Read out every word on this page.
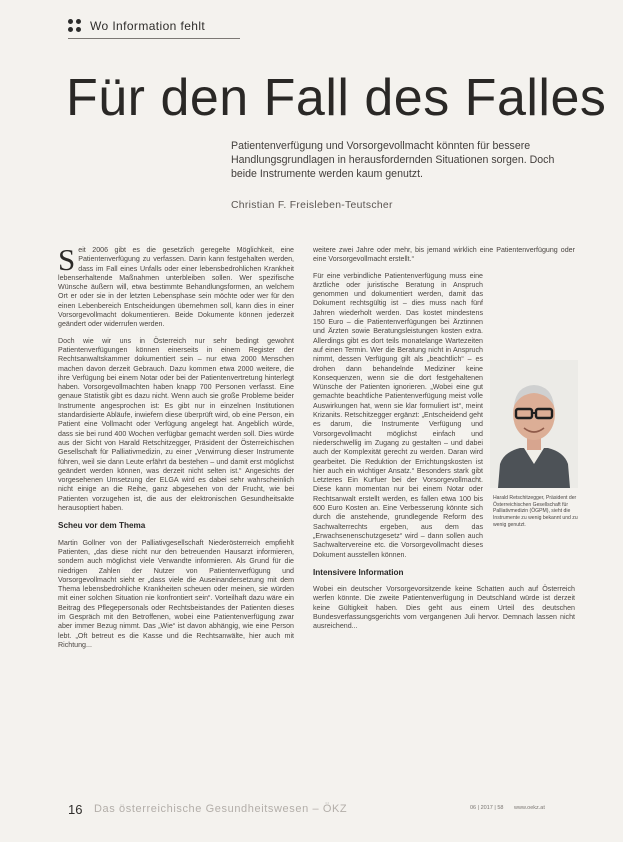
Wo Information fehlt
Für den Fall des Falles
Patientenverfügung und Vorsorgevollmacht könnten für bessere Handlungsgrundlagen in herausfordernden Situationen sorgen. Doch beide Instrumente werden kaum genutzt.
Christian F. Freisleben-Teutscher

Seit 2006 gibt es die gesetzlich geregelte Möglichkeit, eine Patientenverfügung zu verfassen. Darin kann festgehalten werden, dass im Fall eines Unfalls oder einer lebensbedrohlichen Krankheit lebenserhaltende Maßnahmen unterbleiben sollen. Wer spezifische Wünsche äußern will, etwa bestimmte Behandlungsformen, an welchem Ort er oder sie in der letzten Lebensphase sein möchte oder wer für den einen Lebenbereich Entscheidungen übernehmen soll, kann dies in einer Vorsorgevollmacht dokumentieren. Beide Dokumente können jederzeit geändert oder widerrufen werden.

Doch wie wir uns in Österreich nur sehr bedingt gewohnt Patientenverfügungen können einerseits in einem Register der Rechtsanwaltskammer dokumentiert sein – nur etwa 2000 Menschen machen davon derzeit Gebrauch. Dazu kommen etwa 2000 weitere, die ihre Verfügung bei einem Notar oder bei der Patientenvertretung hinterlegt haben. Vorsorgevollmachten haben knapp 700 Personen verfasst. Eine genaue Statistik gibt es dazu nicht. Wenn auch sie große Probleme beider Instrumente angesprochen ist: Es gibt nur in einzelnen Institutionen standardisierte Abläufe, inwiefern diese überprüft wird, ob eine Person, ein Patient eine Vollmacht oder Verfügung angelegt hat. Angeblich würde, dass sie bei rund 400 Wochen verfügbar gemacht werden soll. Dies würde aus der Sicht von Harald Retschitzegger, Präsident der Österreichischen Gesellschaft für Palliativmedizin, zu einer „Verwirrung dieser Instrumente führen, weil sie dann Leute erfährt da bestehen – und damit erst möglichst geändert werden können, was derzeit nicht selten ist.“ Angesichts der vorgesehenen Umsetzung der ELGA wird es dabei sehr wahrscheinlich nicht einige an die Reihe, ganz abgesehen von der Frucht, wie bei Patienten vorzugehen ist, die aus der elektronischen Gesundheitsakte herausoptiert haben.

Scheu vor dem Thema

Martin Gollner von der Palliativgesellschaft Niederösterreich empfiehlt Patienten, „das diese nicht nur den betreuenden Hausarzt informieren, sondern auch möglichst viele Verwandte informieren. Als Grund für die niedrigen Zahlen der Nutzer von Patientenverfügung und Vorsorgevollmacht sieht er „dass viele die Auseinandersetzung mit dem Thema lebensbedrohliche Krankheiten scheuen oder meinen, sie würden mit einer solchen Situation nie konfrontiert sein“. Vorteilhaft dazu wäre ein Beitrag des Pflegepersonals oder Rechtsbeistandes der Patienten dieses im Gespräch mit den Betroffenen, wobei eine Patientenverfügung zwar aber immer Bezug nimmt. Das „Wie“ ist davon abhängig, wie eine Person lebt. „Oft betreut es die Kasse und die Rechtsanwälte, hier auch mit Richtung...

weitere zwei Jahre oder mehr, bis jemand wirklich eine Patientenverfügung oder eine Vorsorgevollmacht erstellt.“

Für eine verbindliche Patientenverfügung muss eine ärztliche oder juristische Beratung in Anspruch genommen und dokumentiert werden, damit das Dokument rechtsgültig ist – dies muss nach fünf Jahren wiederholt werden. Das kostet mindestens 150 Euro – die Patientenverfügungen bei Ärztinnen und Ärzten sowie Beratungsleistungen kosten extra. Allerdings gibt es dort teils monatelange Wartezeiten auf einen Termin. Wer die Beratung nicht in Anspruch nimmt, dessen Verfügung gilt als „beachtlich“ – es drohen dann behandelnde Mediziner keine Konsequenzen, wenn sie die dort festgehaltenen Wünsche der Patienten ignorieren. „Wobei eine gut gemachte beachtliche Patientenverfügung meist volle Auswirkungen hat, wenn sie klar formuliert ist“, meint Krizanits. Retschitzegger ergänzt: „Entscheidend geht es darum, die Instrumente Verfügung und Vorsorgevollmacht möglichst einfach und niederschwellig im Zugang zu gestalten – und dabei auch der Komplexität gerecht zu werden. Daran wird gearbeitet. Die Reduktion der Errichtungskosten ist hier auch ein wichtiger Ansatz.“ Besonders stark gibt Letzteres Ein Kurfuer bei der Vorsorgevollmacht. Diese kann momentan nur bei einem Notar oder Rechtsanwalt erstellt werden, es fallen etwa 100 bis 600 Euro Kosten an. Eine Verbesserung könnte sich durch die anstehende, grundlegende Reform des Sachwalterrechts ergeben, aus dem das „Erwachsenenschutzgesetz“ wird – dann sollen auch Sachwaltervereine etc. die Vorsorgevollmacht dieses Dokument ausstellen können.

Intensivere Information

Wobei ein deutscher Vorsorgevorsitzende keine Schatten auch auf Österreich werfen könnte. Die zweite Patientenverfügung in Deutschland würde ist derzeit keine Gültigkeit haben. Dies geht aus einem Urteil des deutschen Bundesverfassungsgerichts vom vergangenen Juli hervor. Demnach lassen nicht ausreichend...

Harald Retschitzegger, Präsident der Österreichischen Gesellschaft für Palliativmedizin (ÖGPM), sieht die Instrumente zu wenig bekannt und zu wenig genutzt.
16 Das österreichische Gesundheitswesen – ÖKZ	06 | 2017 | 58 www.oekz.at
